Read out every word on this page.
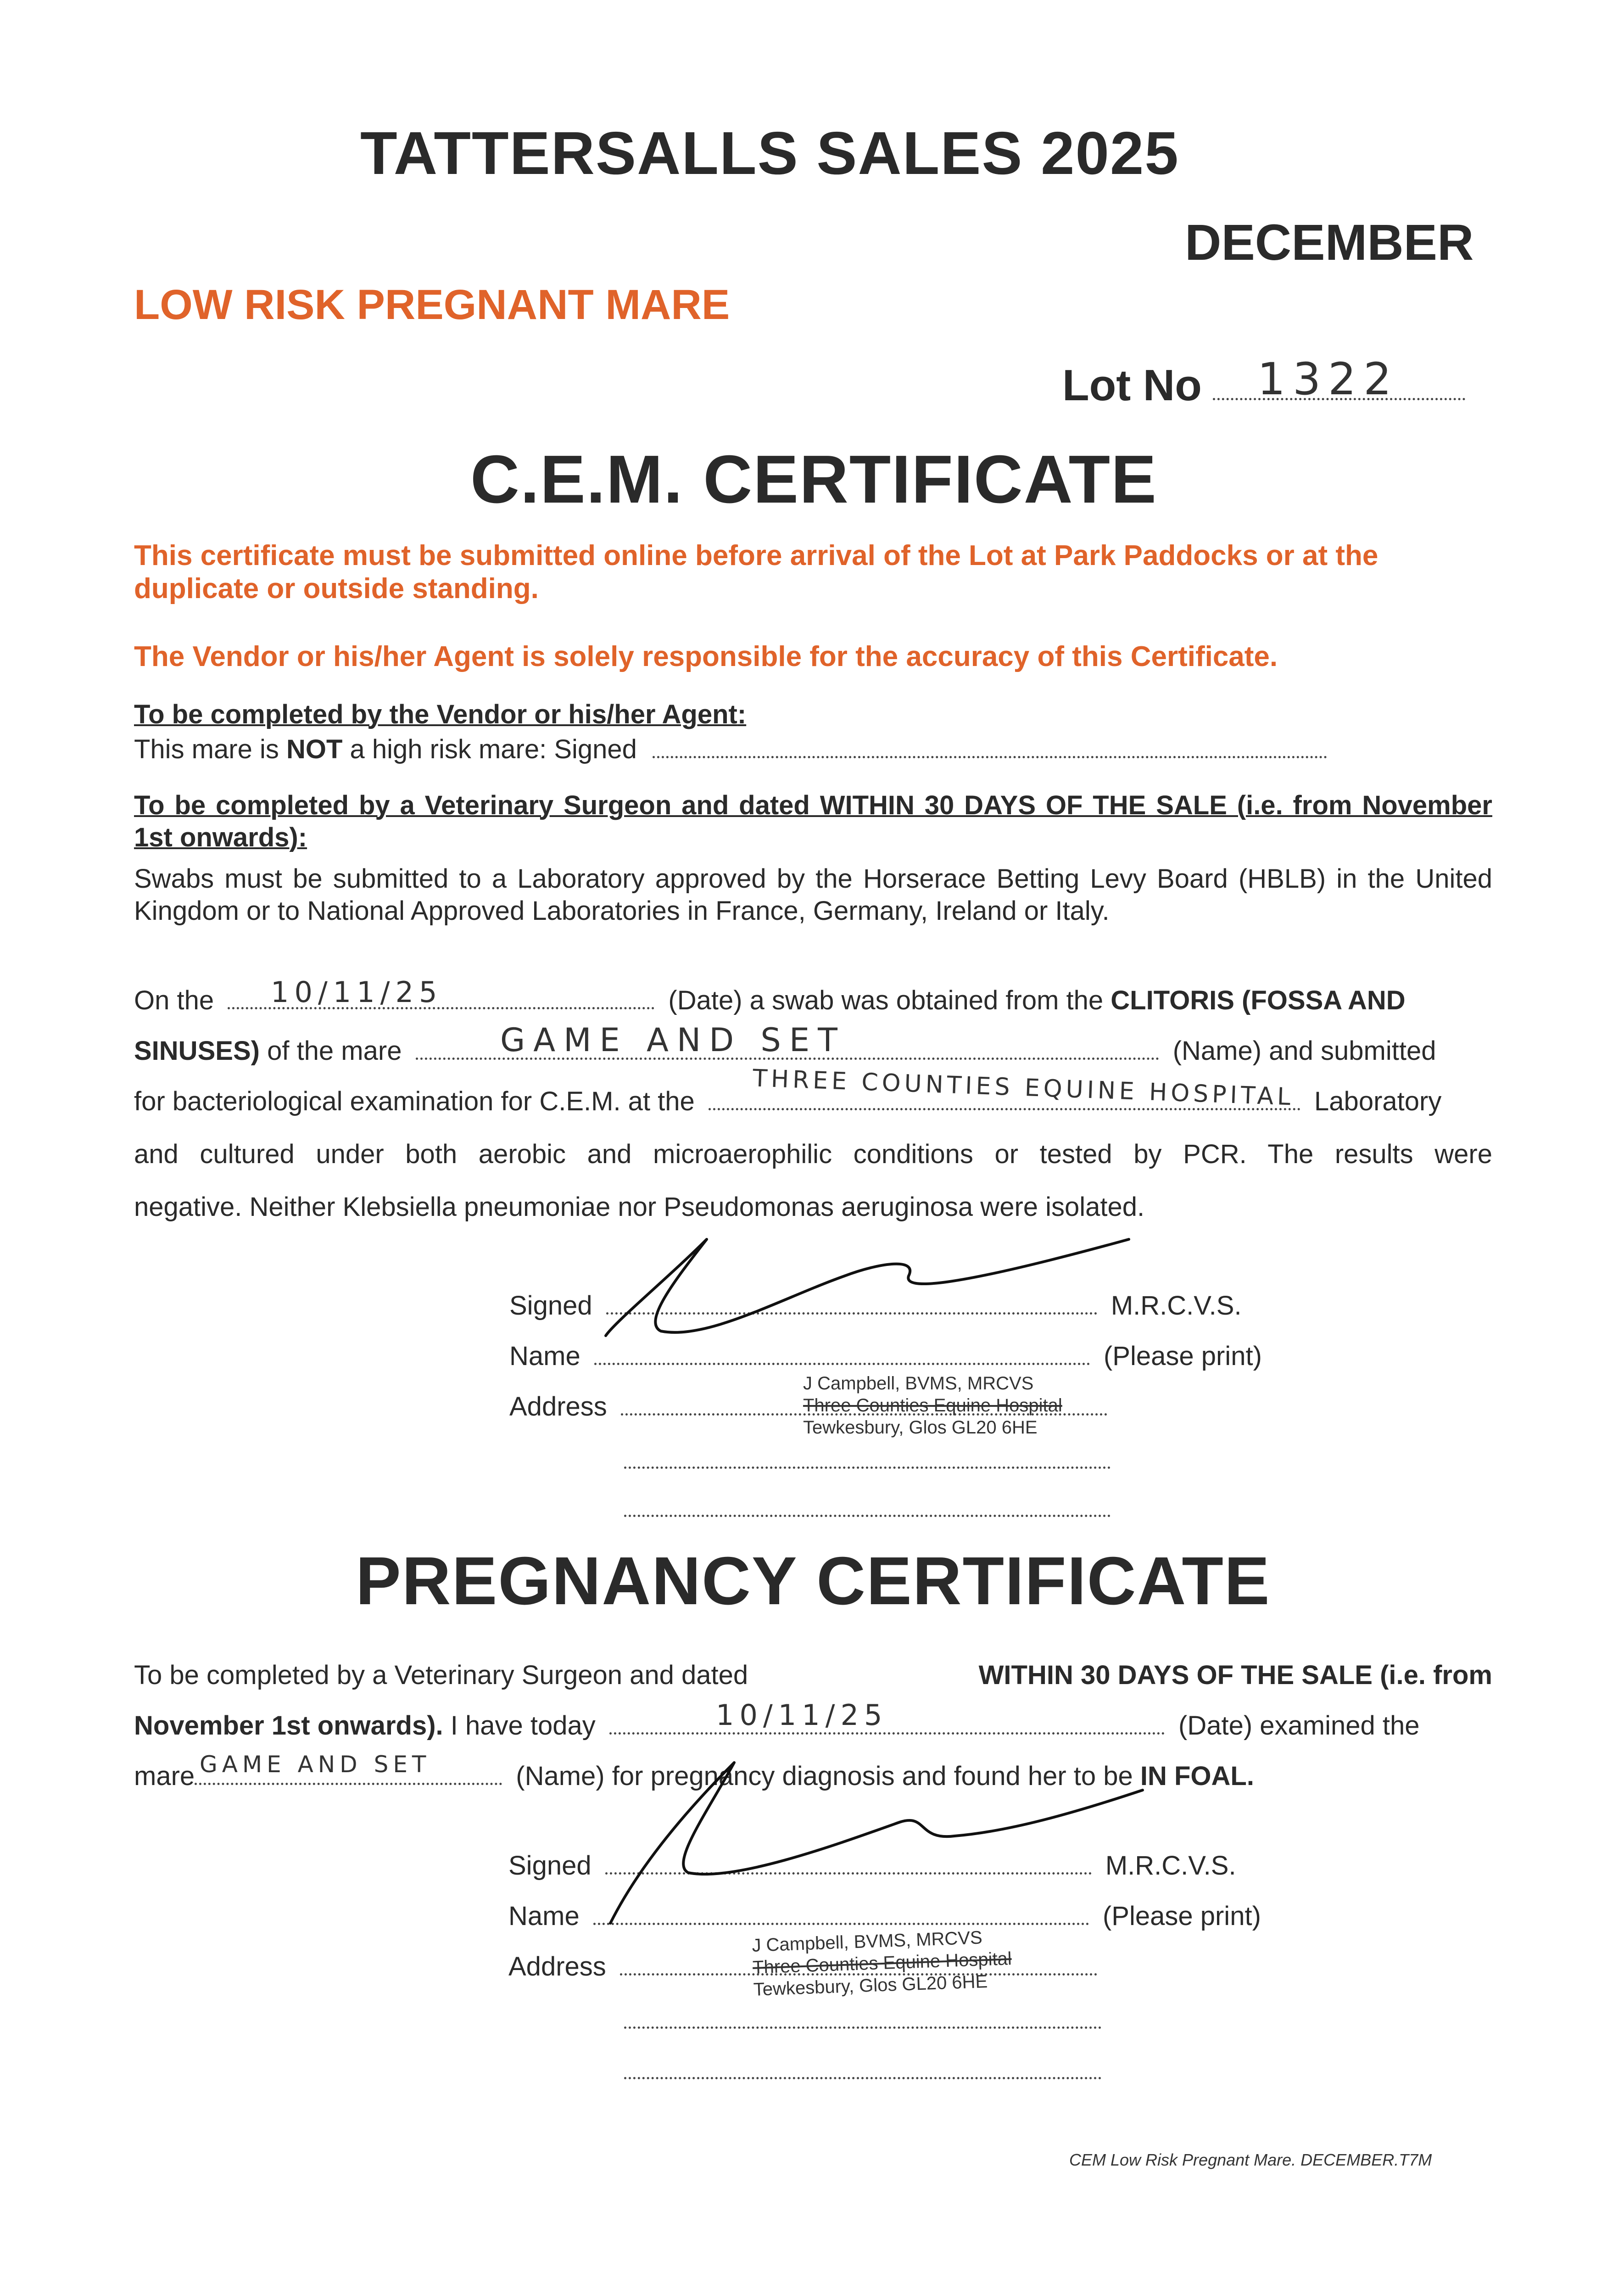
TATTERSALLS SALES 2025
DECEMBER
LOW RISK PREGNANT MARE
Lot No	1322
C.E.M. CERTIFICATE
This certificate must be submitted online before arrival of the Lot at Park Paddocks or at the duplicate or outside standing.
The Vendor or his/her Agent is solely responsible for the accuracy of this Certificate.
To be completed by the Vendor or his/her Agent:
This mare is NOT a high risk mare: Signed
To be completed by a Veterinary Surgeon and dated WITHIN 30 DAYS OF THE SALE (i.e. from November 1st onwards):
Swabs must be submitted to a Laboratory approved by the Horserace Betting Levy Board (HBLB) in the United Kingdom or to National Approved Laboratories in France, Germany, Ireland or Italy.
On the	(Date) a swab was obtained from the CLITORIS (FOSSA AND
10/11/25
SINUSES) of the mare	(Name) and submitted
GAME AND SET
for bacteriological examination for C.E.M. at the	Laboratory
THREE COUNTIES EQUINE HOSPITAL
and cultured under both aerobic and microaerophilic conditions or tested by PCR. The results were
negative. Neither Klebsiella pneumoniae nor Pseudomonas aeruginosa were isolated.
Signed	M.R.C.V.S.
Name	(Please print)
Address
J Campbell, BVMS, MRCVS
Three Counties Equine Hospital
Tewkesbury, Glos GL20 6HE
PREGNANCY CERTIFICATE
To be completed by a Veterinary Surgeon and dated	WITHIN 30 DAYS OF THE SALE (i.e. from
November 1st onwards). I have today	(Date) examined the
10/11/25
mare	(Name) for pregnancy diagnosis and found her to be IN FOAL.
GAME AND SET
Signed	M.R.C.V.S.
Name	(Please print)
Address
J Campbell, BVMS, MRCVS
Three Counties Equine Hospital
Tewkesbury, Glos GL20 6HE
CEM Low Risk Pregnant Mare. DECEMBER.T7M
